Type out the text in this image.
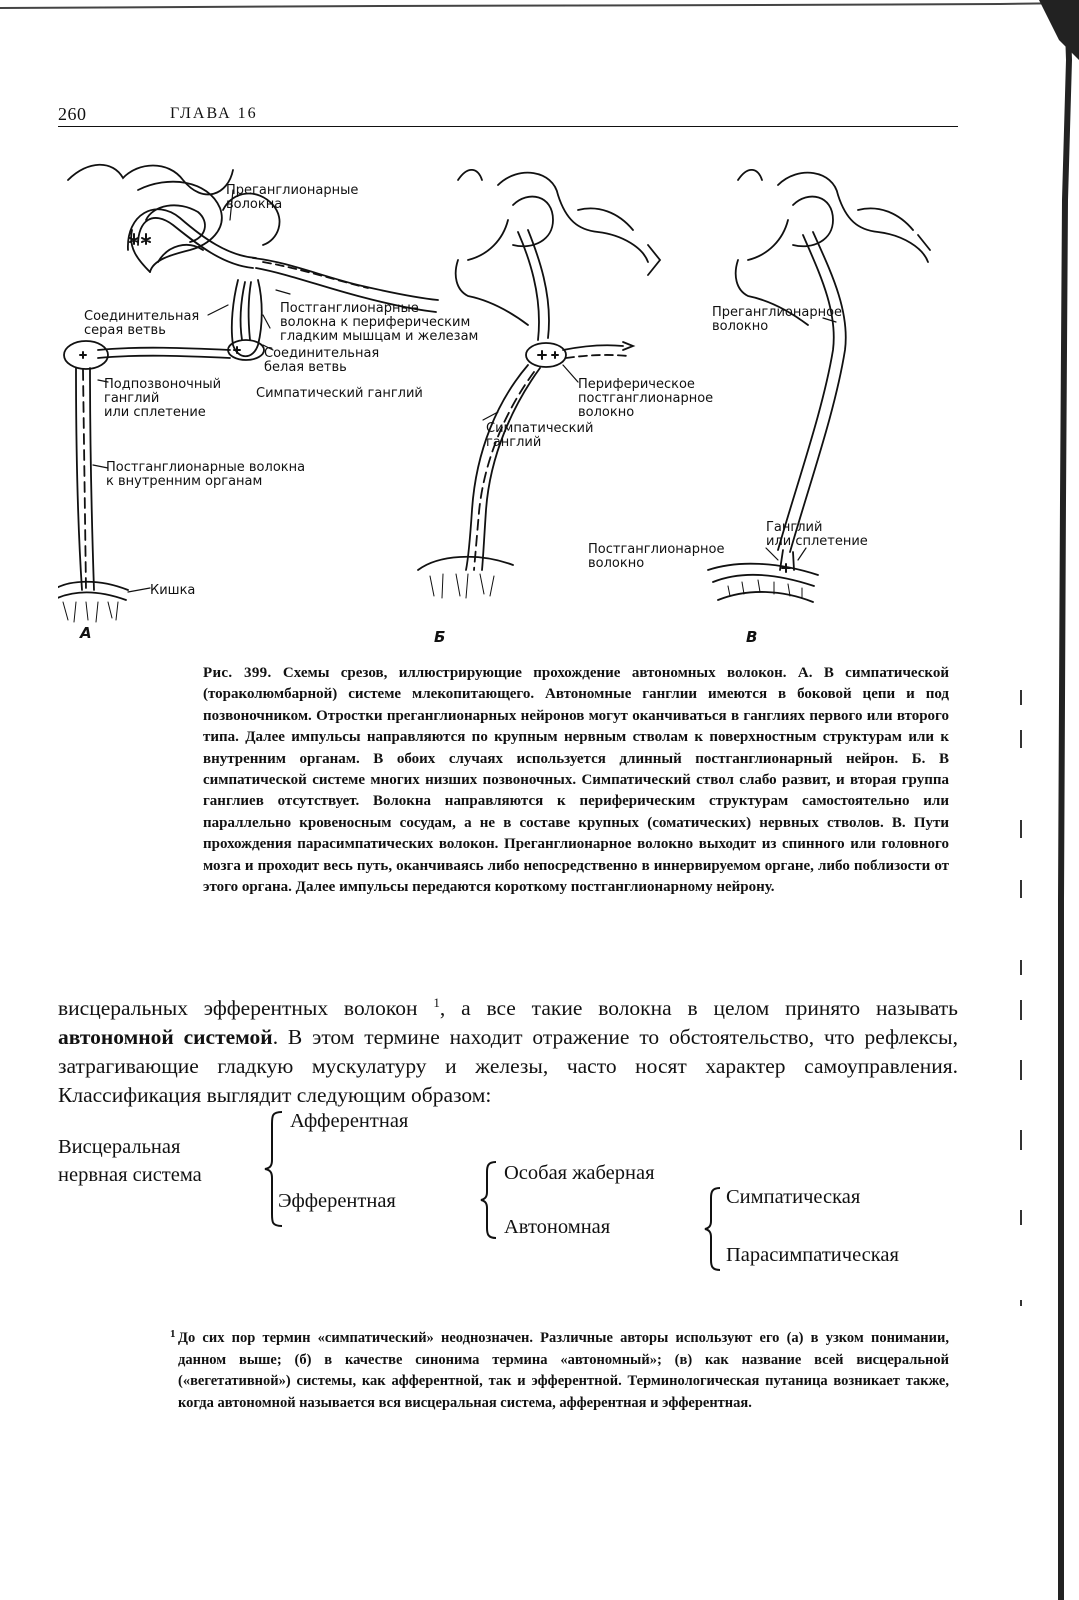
260	ГЛАВА 16
Преганглионарные
волокна
Соединительная
серая ветвь
Постганглионарные
волокна к периферическим
гладким мышцам и железам
Соединительная
белая ветвь
Подпозвоночный
ганглий
или сплетение
Симпатический ганглий
Постганглионарные волокна
к внутренним органам
Кишка
А
Периферическое
постганглионарное
волокно
Симпатический
ганглий
Б
Преганглионарное
волокно
Ганглий
или сплетение
Постганглионарное
волокно
В
Рис. 399. Схемы срезов, иллюстрирующие прохождение автономных волокон. А. В симпатической (тораколюмбарной) системе млекопитающего. Автономные ганглии имеются в боковой цепи и под позвоночником. Отростки преганглионарных нейронов могут оканчиваться в ганглиях первого или второго типа. Далее импульсы направляются по крупным нервным стволам к поверхностным структурам или к внутренним органам. В обоих случаях используется длинный постганглионарный нейрон. Б. В симпатической системе многих низших позвоночных. Симпатический ствол слабо развит, и вторая группа ганглиев отсутствует. Волокна направляются к периферическим структурам самостоятельно или параллельно кровеносным сосудам, а не в составе крупных (соматических) нервных стволов. В. Пути прохождения парасимпатических волокон. Преганглионарное волокно выходит из спинного или головного мозга и проходит весь путь, оканчиваясь либо непосредственно в иннервируемом органе, либо поблизости от этого органа. Далее импульсы передаются короткому постганглионарному нейрону.
висцеральных эфферентных волокон $^1$, а все такие волокна в целом принято называть автономной системой. В этом термине находит отражение то обстоятельство, что рефлексы, затрагивающие гладкую мускулатуру и железы, часто носят характер самоуправления. Классификация выглядит следующим образом:
Висцеральная
нервная система
Афферентная
Эфферентная
Особая жаберная
Автономная
Симпатическая
Парасимпатическая
1 До сих пор термин «симпатический» неоднозначен. Различные авторы используют его (а) в узком понимании, данном выше; (б) в качестве синонима термина «автономный»; (в) как название всей висцеральной («вегетативной») системы, как афферентной, так и эфферентной. Терминологическая путаница возникает также, когда автономной называется вся висцеральная система, афферентная и эфферентная.
